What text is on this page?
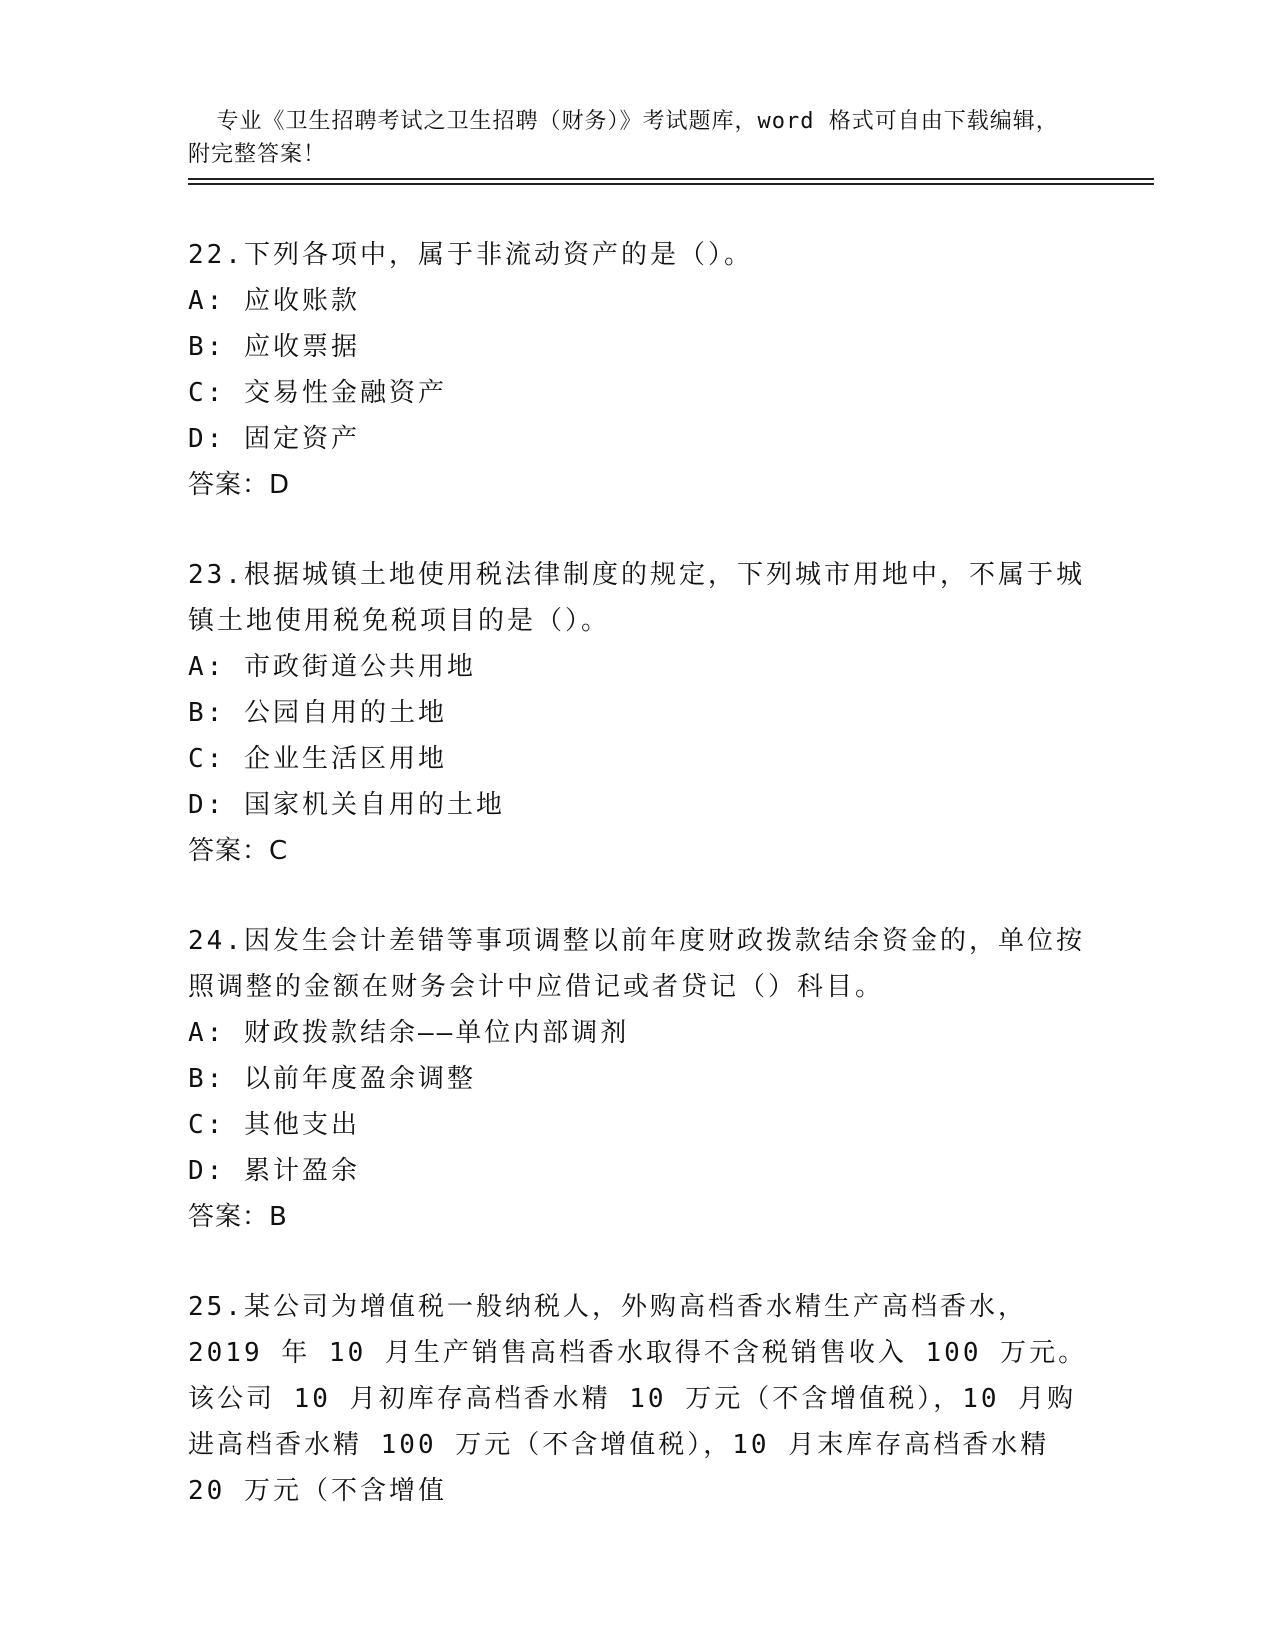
专业《卫生招聘考试之卫生招聘（财务）》考试题库，word 格式可自由下载编辑，附完整答案！

22.下列各项中，属于非流动资产的是（）。
A: 应收账款
B: 应收票据
C: 交易性金融资产
D: 固定资产
答案：D
23.根据城镇土地使用税法律制度的规定，下列城市用地中，不属于城镇土地使用税免税项目的是（）。
A: 市政街道公共用地
B: 公园自用的土地
C: 企业生活区用地
D: 国家机关自用的土地
答案：C
24.因发生会计差错等事项调整以前年度财政拨款结余资金的，单位按照调整的金额在财务会计中应借记或者贷记（）科目。
A: 财政拨款结余——单位内部调剂
B: 以前年度盈余调整
C: 其他支出
D: 累计盈余
答案：B
25.某公司为增值税一般纳税人，外购高档香水精生产高档香水，2019 年 10 月生产销售高档香水取得不含税销售收入 100 万元。该公司 10 月初库存高档香水精 10 万元（不含增值税），10 月购进高档香水精 100 万元（不含增值税），10 月末库存高档香水精 20 万元（不含增值
